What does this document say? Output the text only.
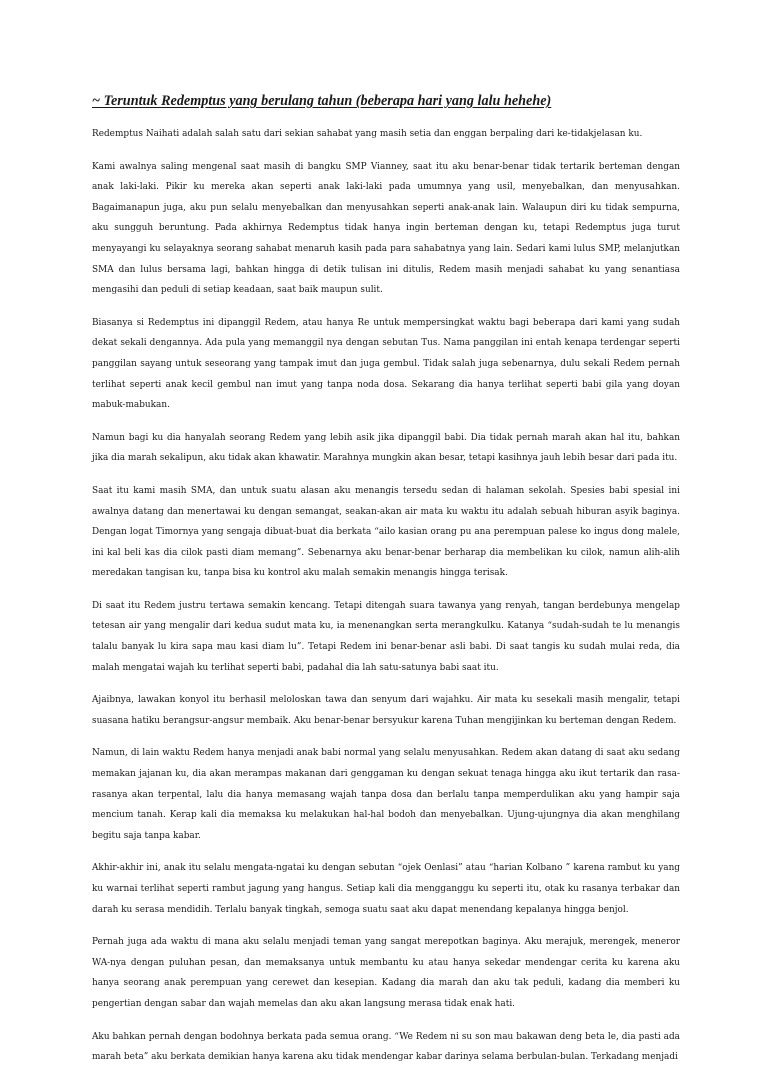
~ Teruntuk Redemptus yang berulang tahun (beberapa hari yang lalu hehehe)

Redemptus Naihati adalah salah satu dari sekian sahabat yang masih setia dan enggan berpaling dari ke-tidakjelasan ku.

Kami awalnya saling mengenal saat masih di bangku SMP Vianney, saat itu aku benar-benar tidak tertarik berteman dengan anak laki-laki. Pikir ku mereka akan seperti anak laki-laki pada umumnya yang usil, menyebalkan, dan menyusahkan. Bagaimanapun juga, aku pun selalu menyebalkan dan menyusahkan seperti anak-anak lain. Walaupun diri ku tidak sempurna, aku sungguh beruntung. Pada akhirnya Redemptus tidak hanya ingin berteman dengan ku, tetapi Redemptus juga turut menyayangi ku selayaknya seorang sahabat menaruh kasih pada para sahabatnya yang lain. Sedari kami lulus SMP, melanjutkan SMA dan lulus bersama lagi, bahkan hingga di detik tulisan ini ditulis, Redem masih menjadi sahabat ku yang senantiasa mengasihi dan peduli di setiap keadaan, saat baik maupun sulit.

Biasanya si Redemptus ini dipanggil Redem, atau hanya Re untuk mempersingkat waktu bagi beberapa dari kami yang sudah dekat sekali dengannya. Ada pula yang memanggil nya dengan sebutan Tus. Nama panggilan ini entah kenapa terdengar seperti panggilan sayang untuk seseorang yang tampak imut dan juga gembul. Tidak salah juga sebenarnya, dulu sekali Redem pernah terlihat seperti anak kecil gembul nan imut yang tanpa noda dosa. Sekarang dia hanya terlihat seperti babi gila yang doyan mabuk-mabukan.

Namun bagi ku dia hanyalah seorang Redem yang lebih asik jika dipanggil babi. Dia tidak pernah marah akan hal itu, bahkan jika dia marah sekalipun, aku tidak akan khawatir. Marahnya mungkin akan besar, tetapi kasihnya jauh lebih besar dari pada itu.

Saat itu kami masih SMA, dan untuk suatu alasan aku menangis tersedu sedan di halaman sekolah. Spesies babi spesial ini awalnya datang dan menertawai ku dengan semangat, seakan-akan air mata ku waktu itu adalah sebuah hiburan asyik baginya. Dengan logat Timornya yang sengaja dibuat-buat dia berkata “ailo kasian orang pu ana perempuan palese ko ingus dong malele, ini kal beli kas dia cilok pasti diam memang”. Sebenarnya aku benar-benar berharap dia membelikan ku cilok, namun alih-alih meredakan tangisan ku, tanpa bisa ku kontrol aku malah semakin menangis hingga terisak.

Di saat itu Redem justru tertawa semakin kencang. Tetapi ditengah suara tawanya yang renyah, tangan berdebunya mengelap tetesan air yang mengalir dari kedua sudut mata ku, ia menenangkan serta merangkulku. Katanya “sudah-sudah te lu menangis talalu banyak lu kira sapa mau kasi diam lu”. Tetapi Redem ini benar-benar asli babi. Di saat tangis ku sudah mulai reda, dia malah mengatai wajah ku terlihat seperti babi, padahal dia lah satu-satunya babi saat itu.

Ajaibnya, lawakan konyol itu berhasil meloloskan tawa dan senyum dari wajahku. Air mata ku sesekali masih mengalir, tetapi suasana hatiku berangsur-angsur membaik. Aku benar-benar bersyukur karena Tuhan mengijinkan ku berteman dengan Redem.

Namun, di lain waktu Redem hanya menjadi anak babi normal yang selalu menyusahkan. Redem akan datang di saat aku sedang memakan jajanan ku, dia akan merampas makanan dari genggaman ku dengan sekuat tenaga hingga aku ikut tertarik dan rasa-rasanya akan terpental, lalu dia hanya memasang wajah tanpa dosa dan berlalu tanpa memperdulikan aku yang hampir saja mencium tanah. Kerap kali dia memaksa ku melakukan hal-hal bodoh dan menyebalkan. Ujung-ujungnya dia akan menghilang begitu saja tanpa kabar.

Akhir-akhir ini, anak itu selalu mengata-ngatai ku dengan sebutan “ojek Oenlasi” atau “harian Kolbano ” karena rambut ku yang ku warnai terlihat seperti rambut jagung yang hangus. Setiap kali dia mengganggu ku seperti itu, otak ku rasanya terbakar dan darah ku serasa mendidih. Terlalu banyak tingkah, semoga suatu saat aku dapat menendang kepalanya hingga benjol.

Pernah juga ada waktu di mana aku selalu menjadi teman yang sangat merepotkan baginya. Aku merajuk, merengek, meneror WA-nya dengan puluhan pesan, dan memaksanya untuk membantu ku atau hanya sekedar mendengar cerita ku karena aku hanya seorang anak perempuan yang cerewet dan kesepian. Kadang dia marah dan aku tak peduli, kadang dia memberi ku pengertian dengan sabar dan wajah memelas dan aku akan langsung merasa tidak enak hati.

Aku bahkan pernah dengan bodohnya berkata pada semua orang. “We Redem ni su son mau bakawan deng beta le, dia pasti ada marah beta” aku berkata demikian hanya karena aku tidak mendengar kabar darinya selama berbulan-bulan. Terkadang menjadi
